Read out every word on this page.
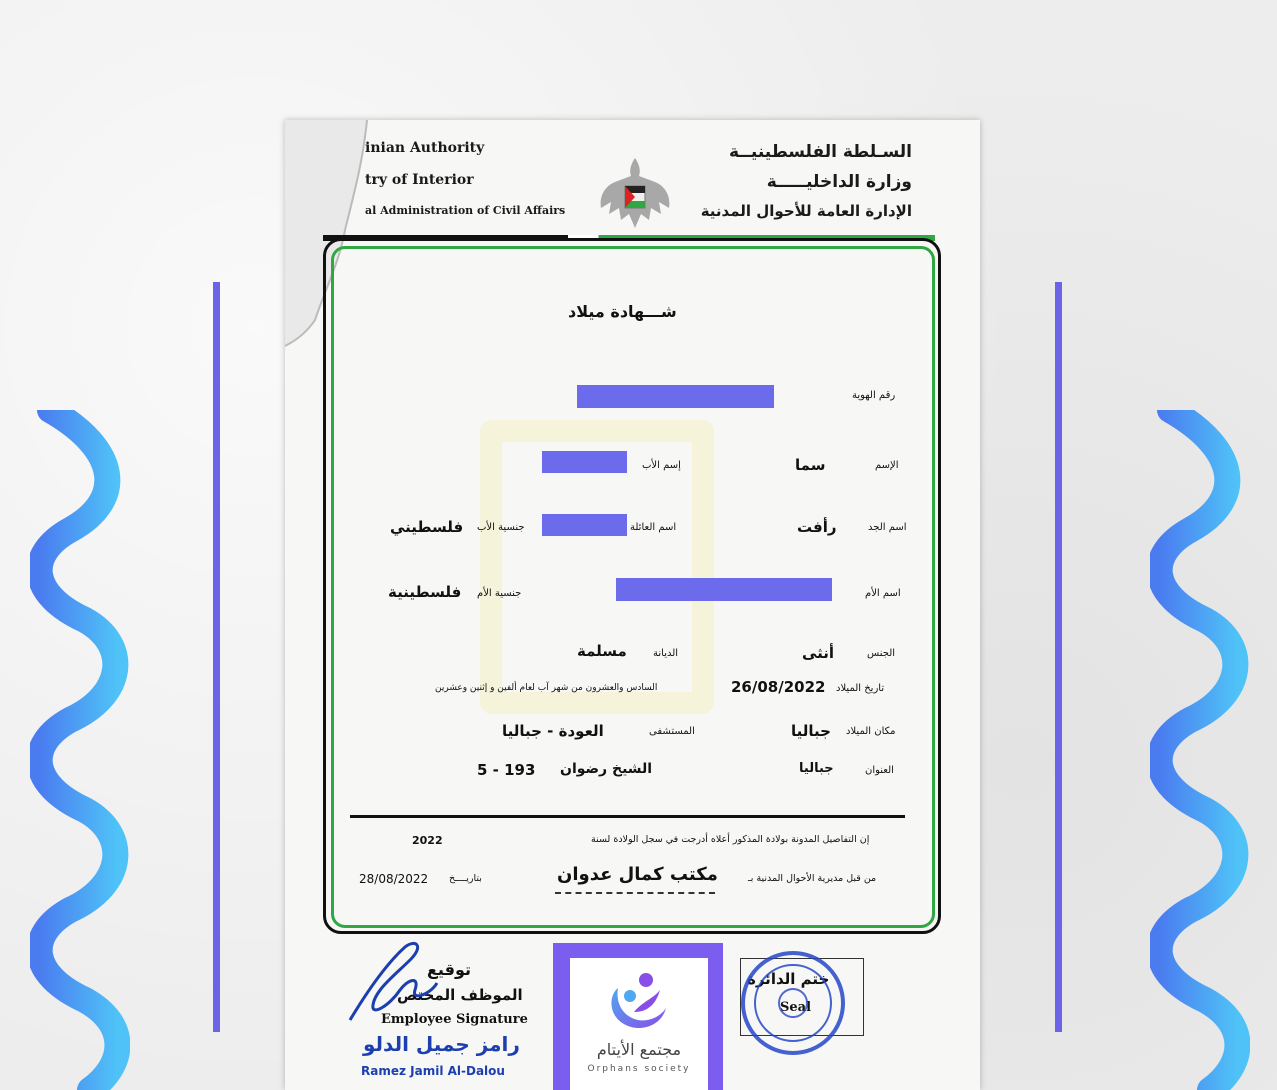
inian Authority
try of Interior
al Administration of Civil Affairs
السـلطة الفلسطينيــة
وزارة الداخليـــــة
الإدارة العامة للأحوال المدنية
شـــهادة ميلاد
رقم الهوية
الإسم
سما
إسم الأب
اسم الجد
رأفت
اسم العائلة
جنسية الأب
فلسطيني
اسم الأم
جنسية الأم
فلسطينية
الجنس
أنثى
الديانة
مسلمة
تاريخ الميلاد
26/08/2022
السادس والعشرون من شهر آب لعام ألفين و إثنين وعشرين
مكان الميلاد
جباليا
المستشفى
العودة - جباليا
العنوان
جباليا
الشيخ رضوان
5 - 193
إن التفاصيل المدونة بولادة المذكور أعلاه أدرجت في سجل الولادة لسنة
2022
من قبل مديرية الأحوال المدنية بـ
مكتب كمال عدوان
بتاريــــخ
28/08/2022
توقيع
الموظف المختص
Employee Signature
رامز جميل الدلو
Ramez Jamil Al-Dalou
ختم الدائرة
Seal
مجتمع الأيتام
Orphans society
